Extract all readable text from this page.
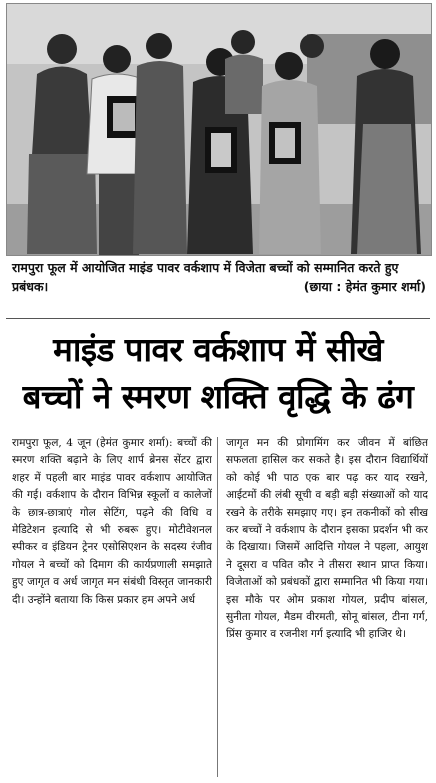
रामपुरा फूल में आयोजित माइंड पावर वर्कशाप में विजेता बच्चों को सम्मानित करते हुए प्रबंधक।	(छाया : हेमंत कुमार शर्मा)
माइंड पावर वर्कशाप में सीखे
बच्चों ने स्मरण शक्ति वृद्धि के ढंग

रामपुरा फूल, 4 जून (हेमंत कुमार शर्मा): बच्चों की स्मरण शक्ति बढ़ाने के लिए शार्प ब्रेनस सेंटर द्वारा शहर में पहली बार माइंड पावर वर्कशाप आयोजित की गई। वर्कशाप के दौरान विभिन्न स्कूलों व कालेजों के छात्र-छात्राएं गोल सेटिंग, पढ़ने की विधि व मेडिटेशन इत्यादि से भी रुबरू हुए। मोटीवेशनल स्पीकर व इंडियन ट्रेनर एसोसिएशन के सदस्य रंजीव गोयल ने बच्चों को दिमाग की कार्यप्रणाली समझाते हुए जागृत व अर्ध जागृत मन संबंधी विस्तृत जानकारी दी। उन्होंने बताया कि किस प्रकार हम अपने अर्ध

जागृत मन की प्रोगामिंग कर जीवन में बांछित सफलता हासिल कर सकते है। इस दौरान विद्यार्थियों को कोई भी पाठ एक बार पढ़ कर याद रखने, आईटमों की लंबी सूची व बड़ी बड़ी संख्याओं को याद रखने के तरीके समझाए गए। इन तकनीकों को सीख कर बच्चों ने वर्कशाप के दौरान इसका प्रदर्शन भी कर के दिखाया। जिसमें आदित्ति गोयल ने पहला, आयुश ने दूसरा व पवित कौर ने तीसरा स्थान प्राप्त किया। विजेताओं को प्रबंधकों द्वारा सम्मानित भी किया गया। इस मौके पर ओम प्रकाश गोयल, प्रदीप बांसल, सुनीता गोयल, मैडम वीरमती, सोनू बांसल, टीना गर्ग, प्रिंस कुमार व रजनीश गर्ग इत्यादि भी हाजिर थे।
